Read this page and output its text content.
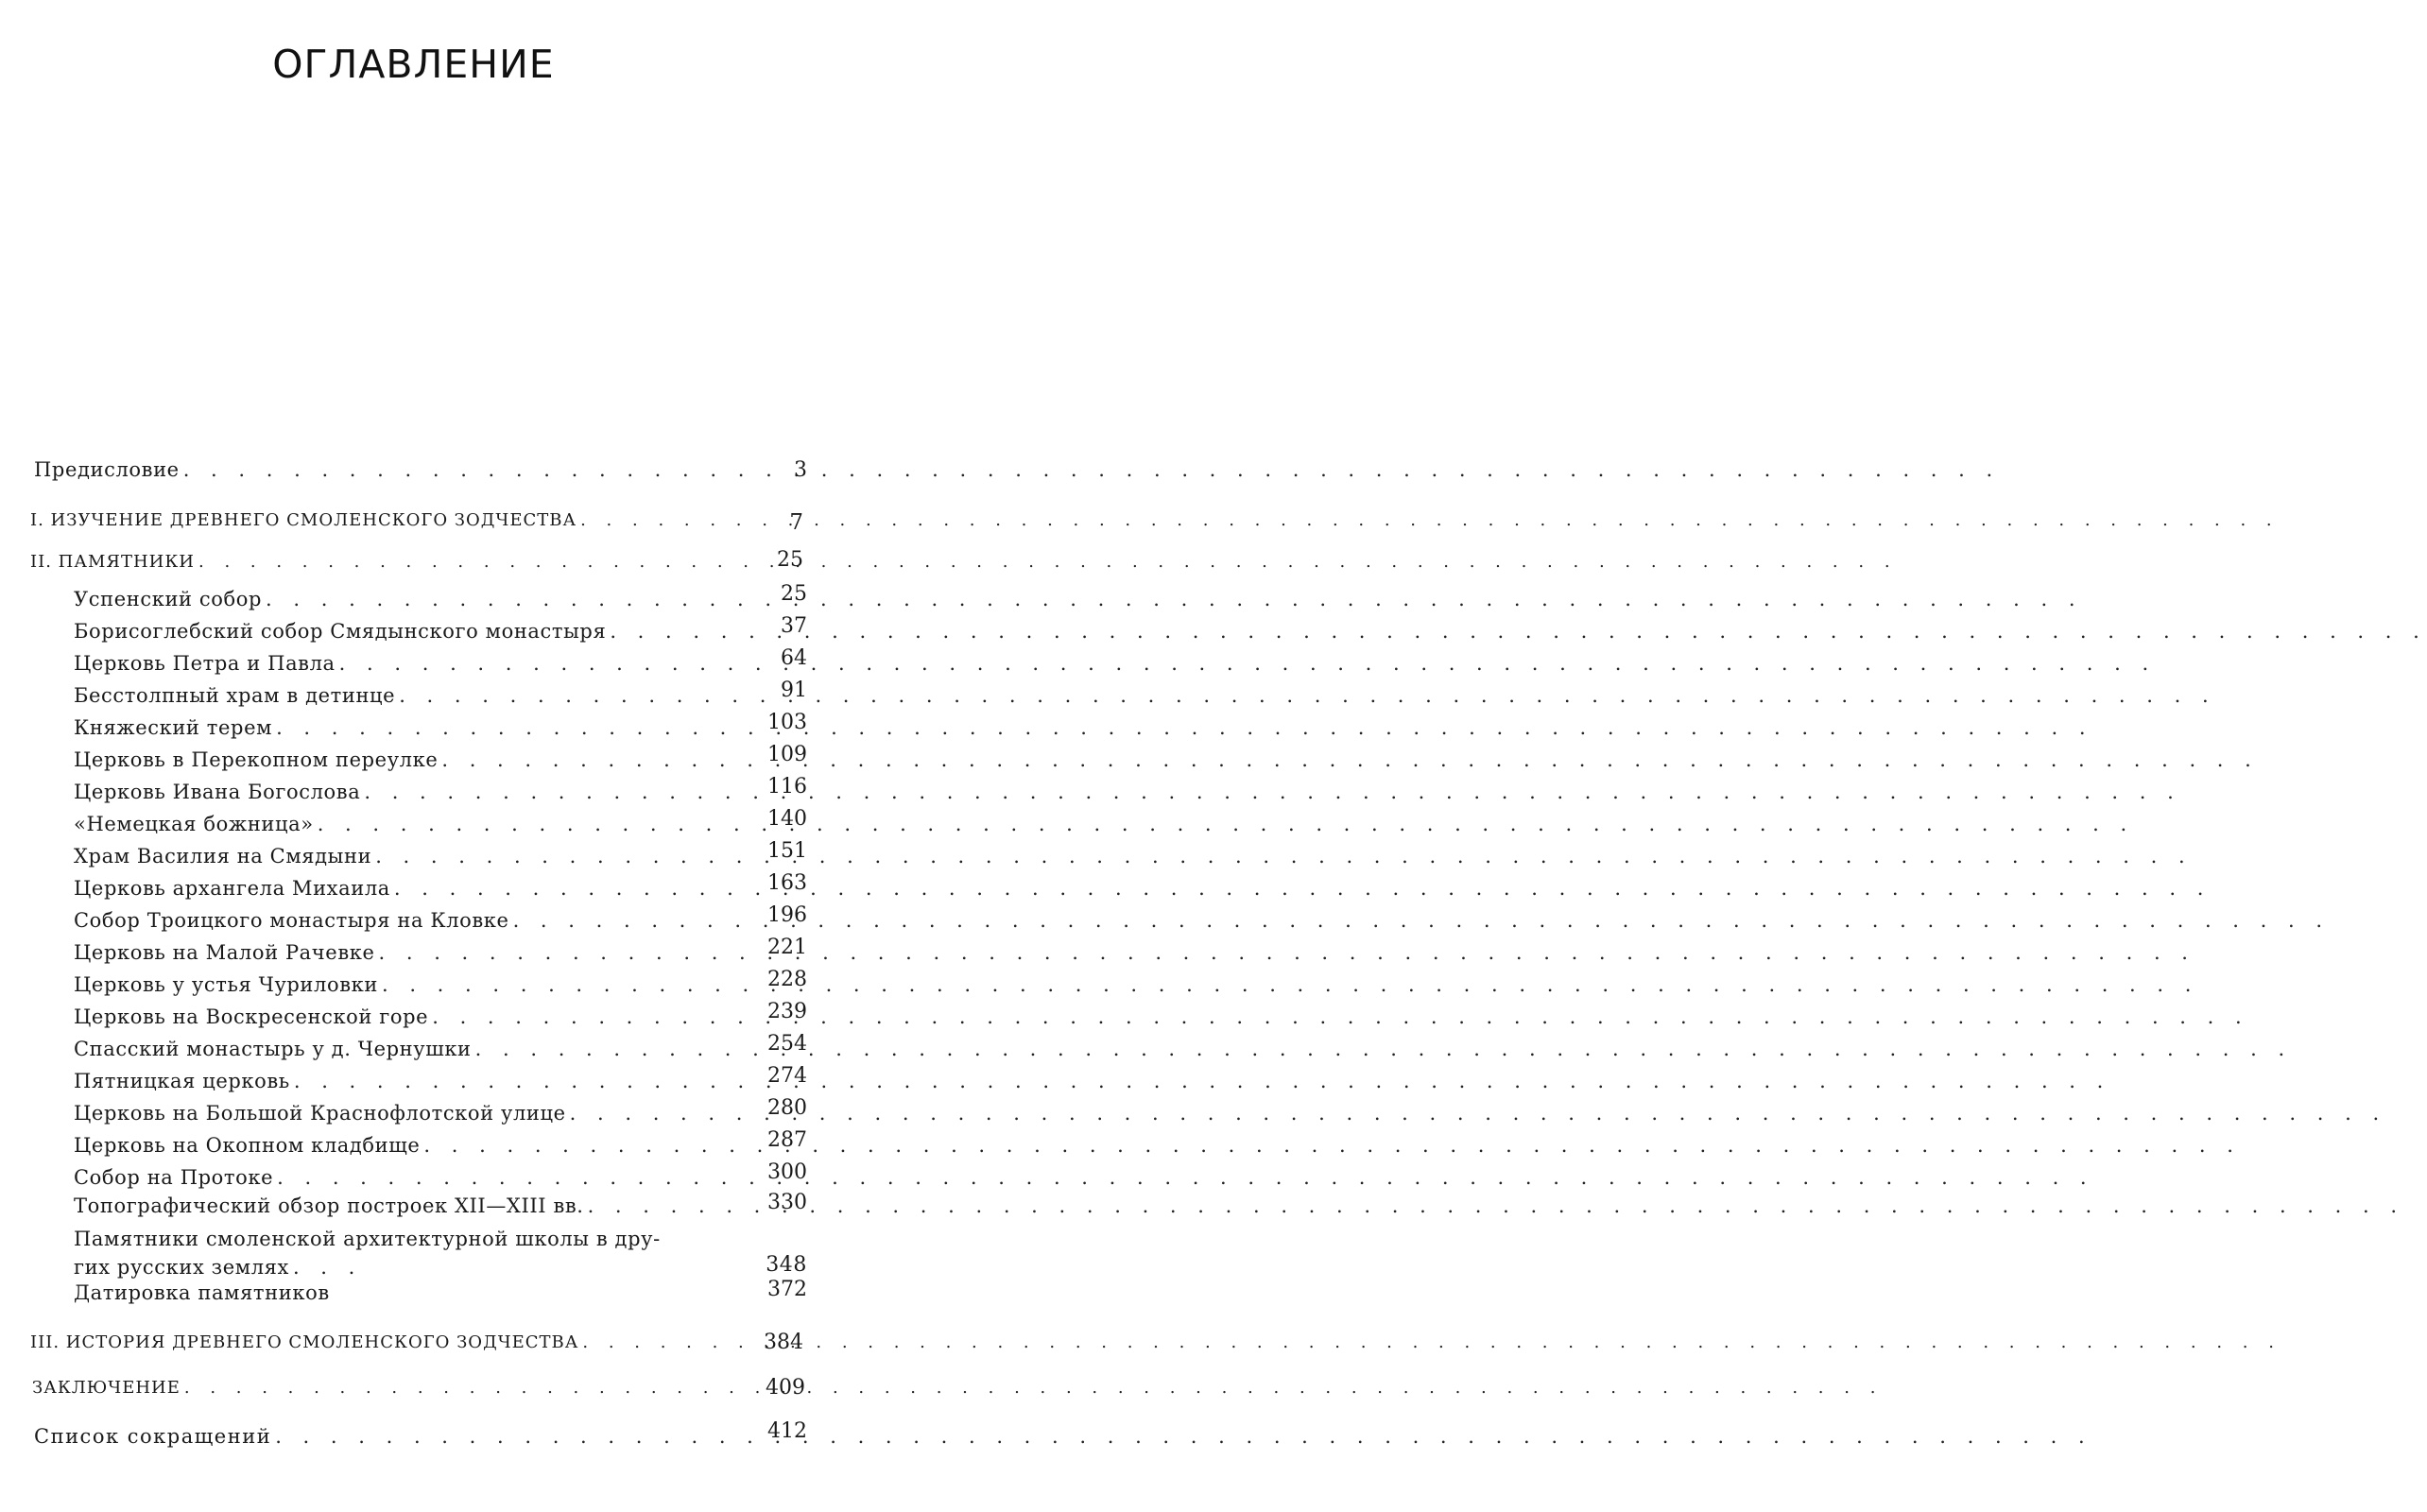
ОГЛАВЛЕНИЕ
Предисловие . . .	3
I. ИЗУЧЕНИЕ ДРЕВНЕГО СМОЛЕНСКОГО ЗОДЧЕСТВА . . .	7
II. ПАМЯТНИКИ . . .	25
Успенский собор . . .	25
Борисоглебский собор Смядынского монастыря . . .	37
Церковь Петра и Павла . . .	64
Бесстолпный храм в детинце . . .	91
Княжеский терем . . .	103
Церковь в Перекопном переулке . . .	109
Церковь Ивана Богослова . . .	116
«Немецкая божница» . . .	140
Храм Василия на Смядыни . . .	151
Церковь архангела Михаила . . .	163
Собор Троицкого монастыря на Кловке . . .	196
Церковь на Малой Рачевке . . .	221
Церковь у устья Чуриловки . . .	228
Церковь на Воскресенской горе . . .	239
Спасский монастырь у д. Чернушки . . .	254
Пятницкая церковь . . .	274
Церковь на Большой Краснофлотской улице . . .	280
Церковь на Окопном кладбище . . .	287
Собор на Протоке . . .	300
Топографический обзор построек XII—XIII вв. . . .	330
Памятники смоленской архитектурной школы в дру-
гих русских землях . . .	348
Датировка памятников	372
III. ИСТОРИЯ ДРЕВНЕГО СМОЛЕНСКОГО ЗОДЧЕСТВА . . .	384
ЗАКЛЮЧЕНИЕ . . .	409
Список сокращений . . .	412
